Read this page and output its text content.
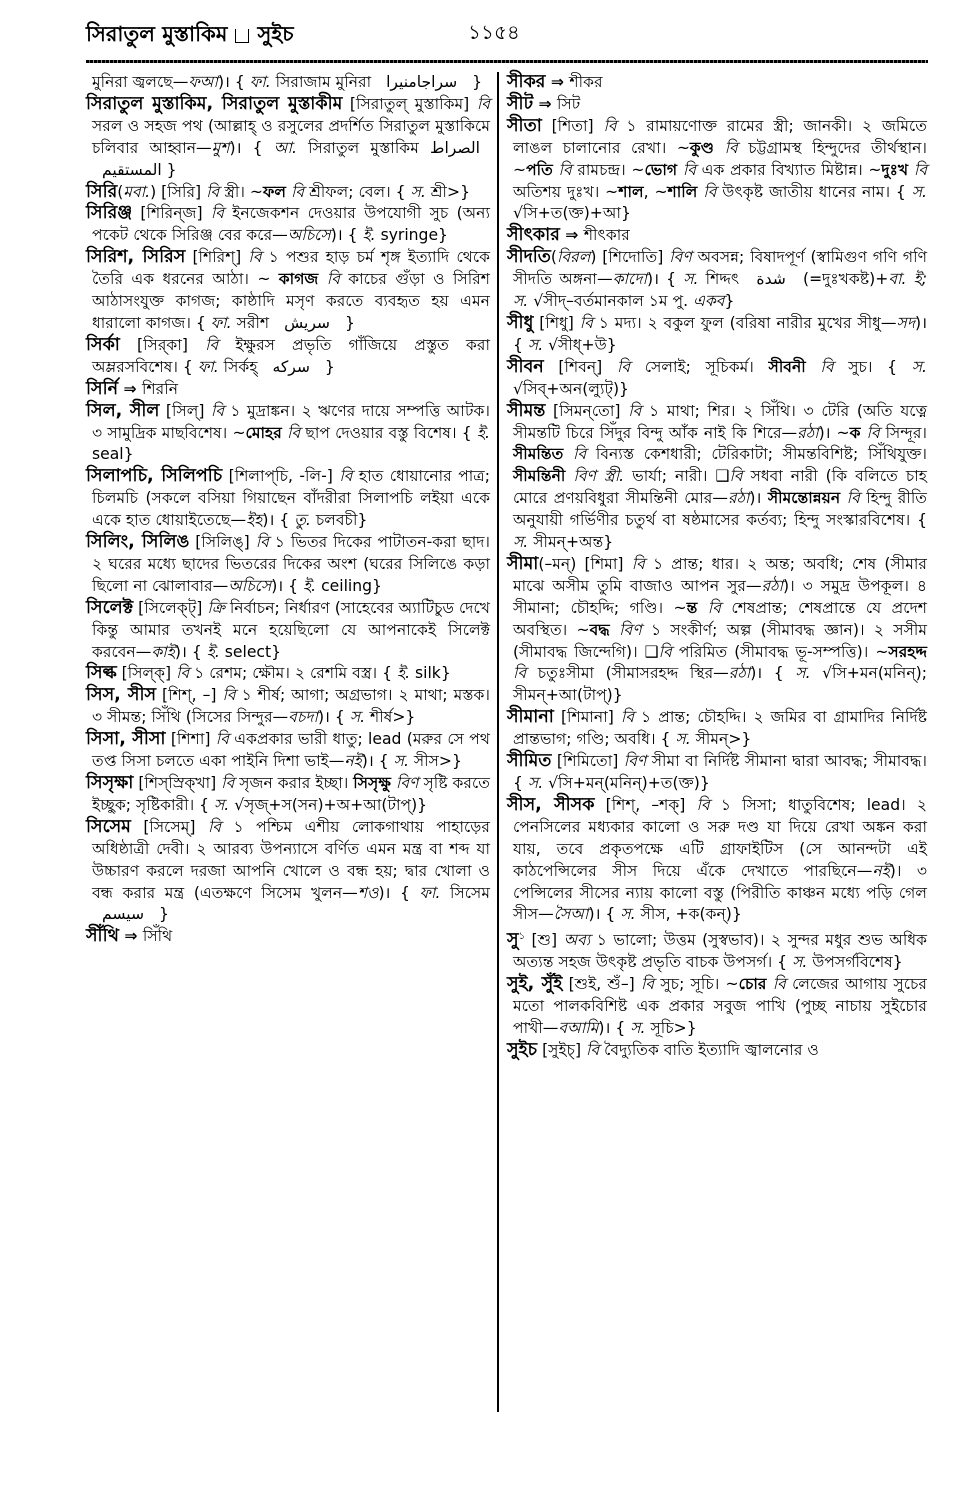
সিরাতুল মুস্তাকিম সুইচ	১১৫৪

মুনিরা জ্বলছে—ফআ)। { ফা. সিরাজাম মুনিরা سراجامنیرا }

সিরাতুল মুস্তাকিম, সিরাতুল মুস্তাকীম [সিরাতুল্ মুস্তাকিম] বি সরল ও সহজ পথ (আল্লাহ্ ও রসুলের প্রদর্শিত সিরাতুল মুস্তাকিমে চলিবার আহ্বান—মুশ)। { আ. সিরাতুল মুস্তাকিম الصراط المستقیم }

সিরি(মবা.) [সিরি] বি স্ত্রী। ~ফল বি শ্রীফল; বেল। { স. শ্রী>}

সিরিঞ্জ [শিরিন্‌জ] বি ইনজেকশন দেওয়ার উপযোগী সুচ (অন্য পকেট থেকে সিরিঞ্জ বের করে—অচিসে)। { ই. syringe}

সিরিশ, সিরিস [শিরিশ্] বি ১ পশুর হাড় চর্ম শৃঙ্গ ইত্যাদি থেকে তৈরি এক ধরনের আঠা। ~ কাগজ বি কাচের গুঁড়া ও সিরিশ আঠাসংযুক্ত কাগজ; কাষ্ঠাদি মসৃণ করতে ব্যবহৃত হয় এমন ধারালো কাগজ। { ফা. সরীশ سریش }

সির্কা [সির্‌কা] বি ইক্ষুরস প্রভৃতি গাঁজিয়ে প্রস্তুত করা অম্লরসবিশেষ। { ফা. সির্কহ্ سرکه }

সির্নি ⇒ শিরনি

সিল, সীল [সিল্] বি ১ মুদ্রাঙ্কন। ২ ঋণের দায়ে সম্পত্তি আটক। ৩ সামুদ্রিক মাছবিশেষ। ~মোহর বি ছাপ দেওয়ার বস্তু বিশেষ। { ই. seal}

সিলাপচি, সিলিপচি [শিলাপ্‌চি, -লি-] বি হাত ধোয়ানোর পাত্র; চিলমচি (সকলে বসিয়া গিয়াছেন বাঁদরীরা সিলাপচি লইয়া একে একে হাত ধোয়াইতেছে—ইহ)। { তু. চলবচী}

সিলিং, সিলিঙ [সিলিঙ্] বি ১ ভিতর দিকের পাটাতন-করা ছাদ। ২ ঘরের মধ্যে ছাদের ভিতরের দিকের অংশ (ঘরের সিলিঙে কড়া ছিলো না ঝোলাবার—অচিসে)। { ই. ceiling}

সিলেক্ট [সিলেক্‌ট্] ক্রি নির্বাচন; নির্ধারণ (সাহেবের অ্যাটিচুড দেখে কিন্তু আমার তখনই মনে হয়েছিলো যে আপনাকেই সিলেক্ট করবেন—কাই)। { ই. select}

সিল্ক [সিল্‌ক্] বি ১ রেশম; ক্ষৌম। ২ রেশমি বস্ত্র। { ই. silk}

সিস, সীস [শিশ্, –] বি ১ শীর্ষ; আগা; অগ্রভাগ। ২ মাথা; মস্তক। ৩ সীমন্ত; সিঁথি (সিসের সিন্দুর—বচদা)। { স. শীর্ষ>}

সিসা, সীসা [শিশা] বি একপ্রকার ভারী ধাতু; lead (মরুর সে পথ তপ্ত সিসা চলতে একা পাইনি দিশা ভাই—নই)। { স. সীস>}

সিসৃক্ষা [শিস্‌স্রিক্‌খা] বি সৃজন করার ইচ্ছা। সিসৃক্ষু বিণ সৃষ্টি করতে ইচ্ছুক; সৃষ্টিকারী। { স. √সৃজ্+স(সন)+অ+আ(টাপ্)}

সিসেম [সিসেম্] বি ১ পশ্চিম এশীয় লোকগাথায় পাহাড়ের অধিষ্ঠাত্রী দেবী। ২ আরব্য উপন্যাসে বর্ণিত এমন মন্ত্র বা শব্দ যা উচ্চারণ করলে দরজা আপনি খোলে ও বন্ধ হয়; দ্বার খোলা ও বন্ধ করার মন্ত্র (এতক্ষণে সিসেম খুলন—শও)। { ফা. সিসেম سیسم }

সীঁথি ⇒ সিঁথি

সীকর ⇒ শীকর

সীট ⇒ সিট

সীতা [শিতা] বি ১ রামায়ণোক্ত রামের স্ত্রী; জানকী। ২ জমিতে লাঙল চালানোর রেখা। ~কুণ্ড বি চট্টগ্রামস্থ হিন্দুদের তীর্থস্থান। ~পতি বি রামচন্দ্র। ~ভোগ বি এক প্রকার বিখ্যাত মিষ্টান্ন। ~দুঃখ বি অতিশয় দুঃখ। ~শাল, ~শালি বি উৎকৃষ্ট জাতীয় ধানের নাম। { স. √সি+ত(ক্ত)+আ}

সীৎকার ⇒ শীৎকার

সীদতি(বিরল) [শিদোতি] বিণ অবসন্ন; বিষাদপূর্ণ (স্বামিগুণ গণি গণি সীদতি অঙ্গনা—কাদো)। { স. শিদ্দৎ شدة (=দুঃখকষ্ট)+বা. ই; স. √সীদ্–বর্তমানকাল ১ম পু. একব}

সীধু [শিধু] বি ১ মদ্য। ২ বকুল ফুল (বরিষা নারীর মুখের সীধু—সদ)। { স. √সীধ্+উ}

সীবন [শিবন্] বি সেলাই; সূচিকর্ম। সীবনী বি সুচ। { স. √সিব্+অন(ল্যুট্)}

সীমন্ত [সিমন্‌তো] বি ১ মাথা; শির। ২ সিঁথি। ৩ টেরি (অতি যত্নে সীমন্তটি চিরে সিঁদুর বিন্দু আঁক নাই কি শিরে—রঠা)। ~ক বি সিন্দূর। সীমন্তিত বি বিন্যস্ত কেশধারী; টেরিকাটা; সীমন্তবিশিষ্ট; সিঁথিযুক্ত। সীমন্তিনী বিণ স্ত্রী. ভার্যা; নারী। ❑বি সধবা নারী (কি বলিতে চাহ মোরে প্রণয়বিধুরা সীমন্তিনী মোর—রঠা)। সীমন্তোন্নয়ন বি হিন্দু রীতি অনুযায়ী গর্ভিণীর চতুর্থ বা ষষ্ঠমাসের কর্তব্য; হিন্দু সংস্কারবিশেষ। { স. সীমন্+অন্ত}

সীমা(–মন্) [শিমা] বি ১ প্রান্ত; ধার। ২ অন্ত; অবধি; শেষ (সীমার মাঝে অসীম তুমি বাজাও আপন সুর—রঠা)। ৩ সমুদ্র উপকূল। ৪ সীমানা; চৌহদ্দি; গণ্ডি। ~ন্ত বি শেষপ্রান্ত; শেষপ্রান্তে যে প্রদেশ অবস্থিত। ~বদ্ধ বিণ ১ সংকীর্ণ; অল্প (সীমাবদ্ধ জ্ঞান)। ২ সসীম (সীমাবদ্ধ জিন্দেগি)। ❑বি পরিমিত (সীমাবদ্ধ ভূ-সম্পত্তি)। ~সরহদ্দ বি চতুঃসীমা (সীমাসরহদ্দ স্থির—রঠা)। { স. √সি+মন(মনিন্); সীমন্+আ(টাপ্)}

সীমানা [শিমানা] বি ১ প্রান্ত; চৌহদ্দি। ২ জমির বা গ্রামাদির নির্দিষ্ট প্রান্তভাগ; গণ্ডি; অবধি। { স. সীমন্>}

সীমিত [শিমিতো] বিণ সীমা বা নির্দিষ্ট সীমানা দ্বারা আবদ্ধ; সীমাবদ্ধ। { স. √সি+মন্(মনিন্)+ত(ক্ত)}

সীস, সীসক [শিশ্, –শক্] বি ১ সিসা; ধাতুবিশেষ; lead। ২ পেনসিলের মধ্যকার কালো ও সরু দণ্ড যা দিয়ে রেখা অঙ্কন করা যায়, তবে প্রকৃতপক্ষে এটি গ্রাফাইটিস (সে আনন্দটা এই কাঠপেন্সিলের সীস দিয়ে এঁকে দেখাতে পারছিনে—নই)। ৩ পেন্সিলের সীসের ন্যায় কালো বস্তু (পিরীতি কাঞ্চন মধ্যে পড়ি গেল সীস—সৈআ)। { স. সীস, +ক(কন্)}

সু$^১$ [শু] অব্য ১ ভালো; উত্তম (সুস্বভাব)। ২ সুন্দর মধুর শুভ অধিক অত্যন্ত সহজ উৎকৃষ্ট প্রভৃতি বাচক উপসর্গ। { স. উপসর্গবিশেষ}

সুই, সুঁই [শুই, শুঁ–] বি সুচ; সূচি। ~চোর বি লেজের আগায় সুচের মতো পালকবিশিষ্ট এক প্রকার সবুজ পাখি (পুচ্ছ নাচায় সুইচোর পাখী—বআমি)। { স. সূচি>}

সুইচ [সুইচ্] বি বৈদ্যুতিক বাতি ইত্যাদি জ্বালনোর ও
